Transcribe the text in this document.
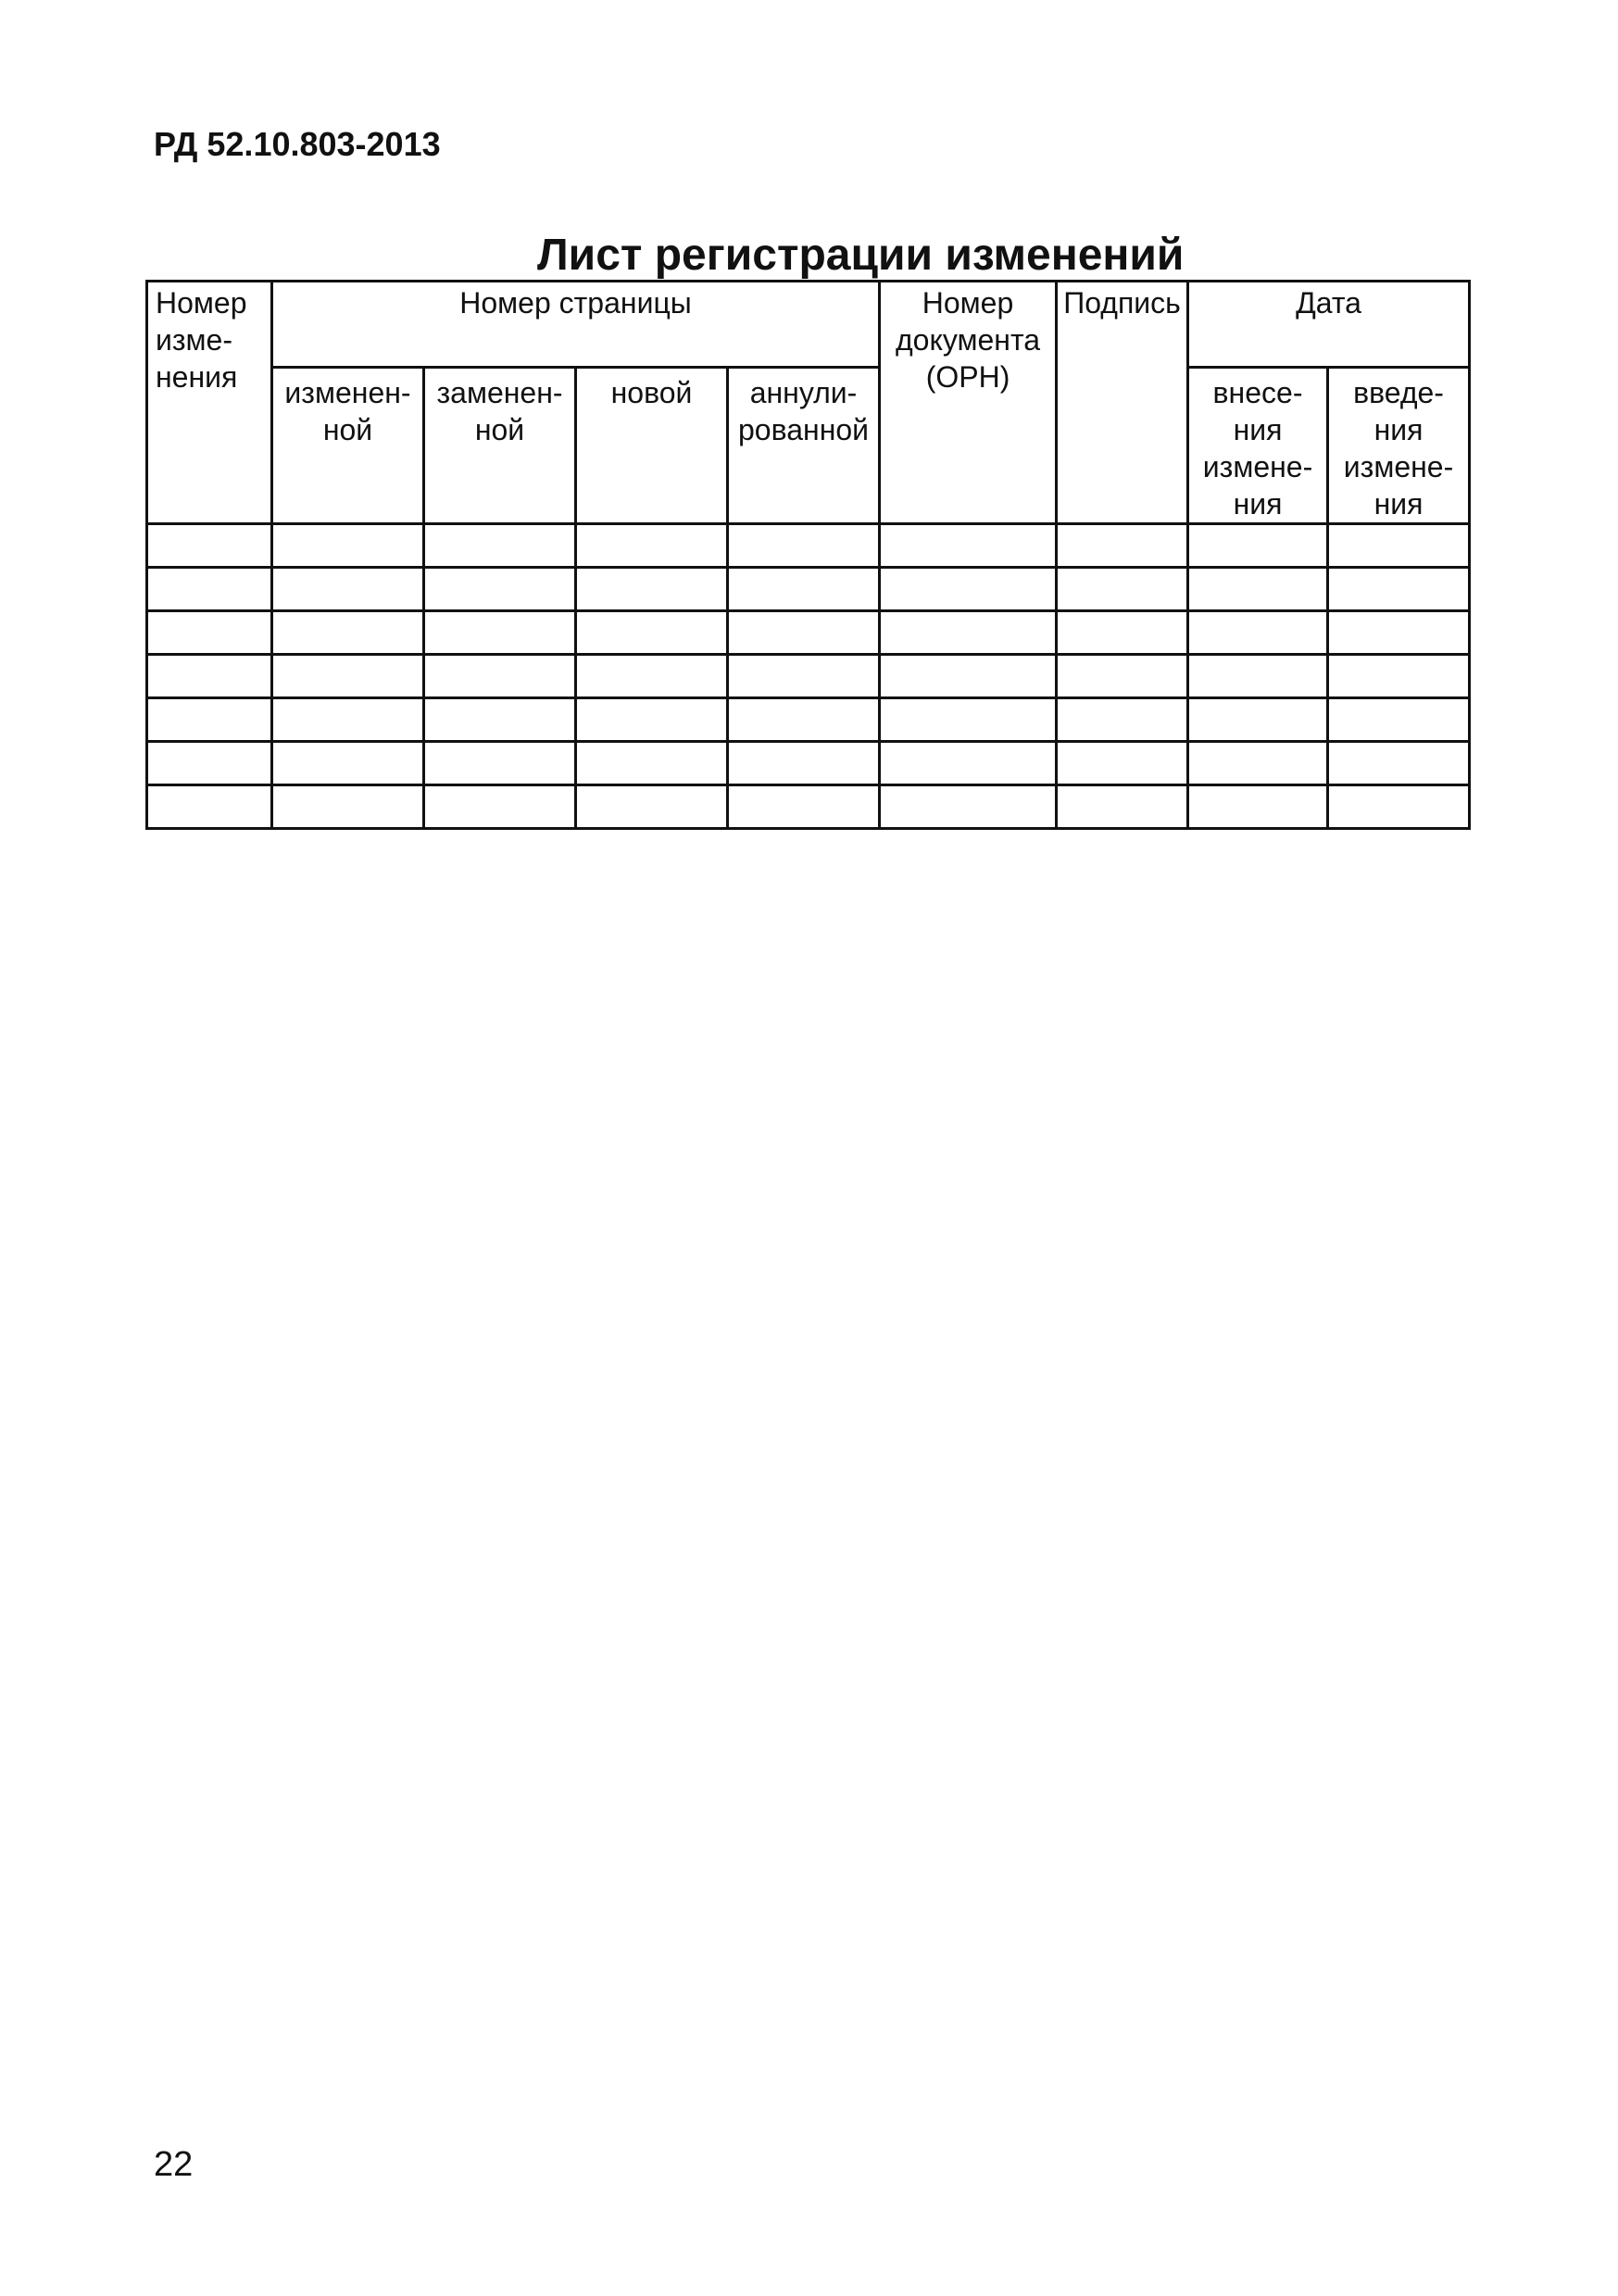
РД 52.10.803-2013
Лист регистрации изменений
Номер изме- нения	Номер страницы				Номер документа (ОРН)	Подпись	Дата	
	изменен- ной	заменен- ной	новой	аннули- рованной			внесе- ния измене- ния	введе- ния измене- ния

22
